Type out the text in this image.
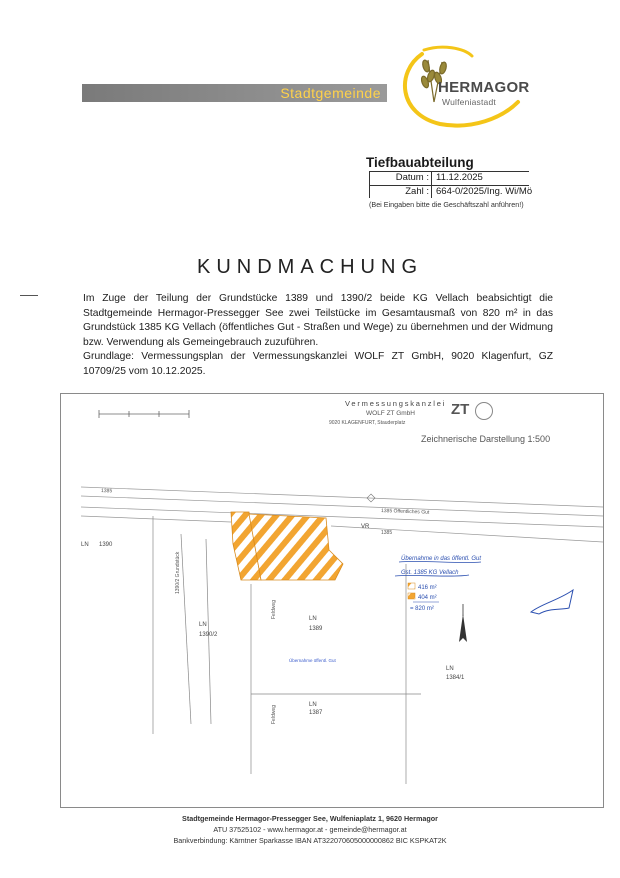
Stadtgemeinde	HERMAGOR
Wulfeniastadt
Tiefbauabteilung
Datum : 11.12.2025
Zahl : 664-0/2025/Ing. Wi/Mö
(Bei Eingaben bitte die Geschäftszahl anführen!)
KUNDMACHUNG

Im Zuge der Teilung der Grundstücke 1389 und 1390/2 beide KG Vellach beabsichtigt die Stadtgemeinde Hermagor-Pressegger See zwei Teilstücke im Gesamtausmaß von 820 m² in das Grundstück 1385 KG Vellach (öffentliches Gut - Straßen und Wege) zu übernehmen und der Widmung bzw. Verwendung als Gemeingebrauch zuzuführen.

Grundlage: Vermessungsplan der Vermessungskanzlei WOLF ZT GmbH, 9020 Klagenfurt, GZ 10709/25 vom 10.12.2025.

1385 Öffentliches Gut
1385
1385
LN 1390
LN
1389
LN
1390/2
LN
1387
LN
1384/1
VR
Übernahme öffentl. Gut
Übernahme in das öffentl. Gut
Gst. 1385 KG Vellach
416 m²
404 m²
= 820 m²
1390/2 Grundstück
Feldweg
Feldweg
Vermessungskanzlei
WOLF ZT GmbH
9020 KLAGENFURT, Stauderplatz
ZT
Zeichnerische Darstellung 1:500
Stadtgemeinde Hermagor-Pressegger See, Wulfeniaplatz 1, 9620 Hermagor
ATU 37525102 - www.hermagor.at - gemeinde@hermagor.at
Bankverbindung: Kärntner Sparkasse IBAN AT322070605000000862 BIC KSPKAT2K
